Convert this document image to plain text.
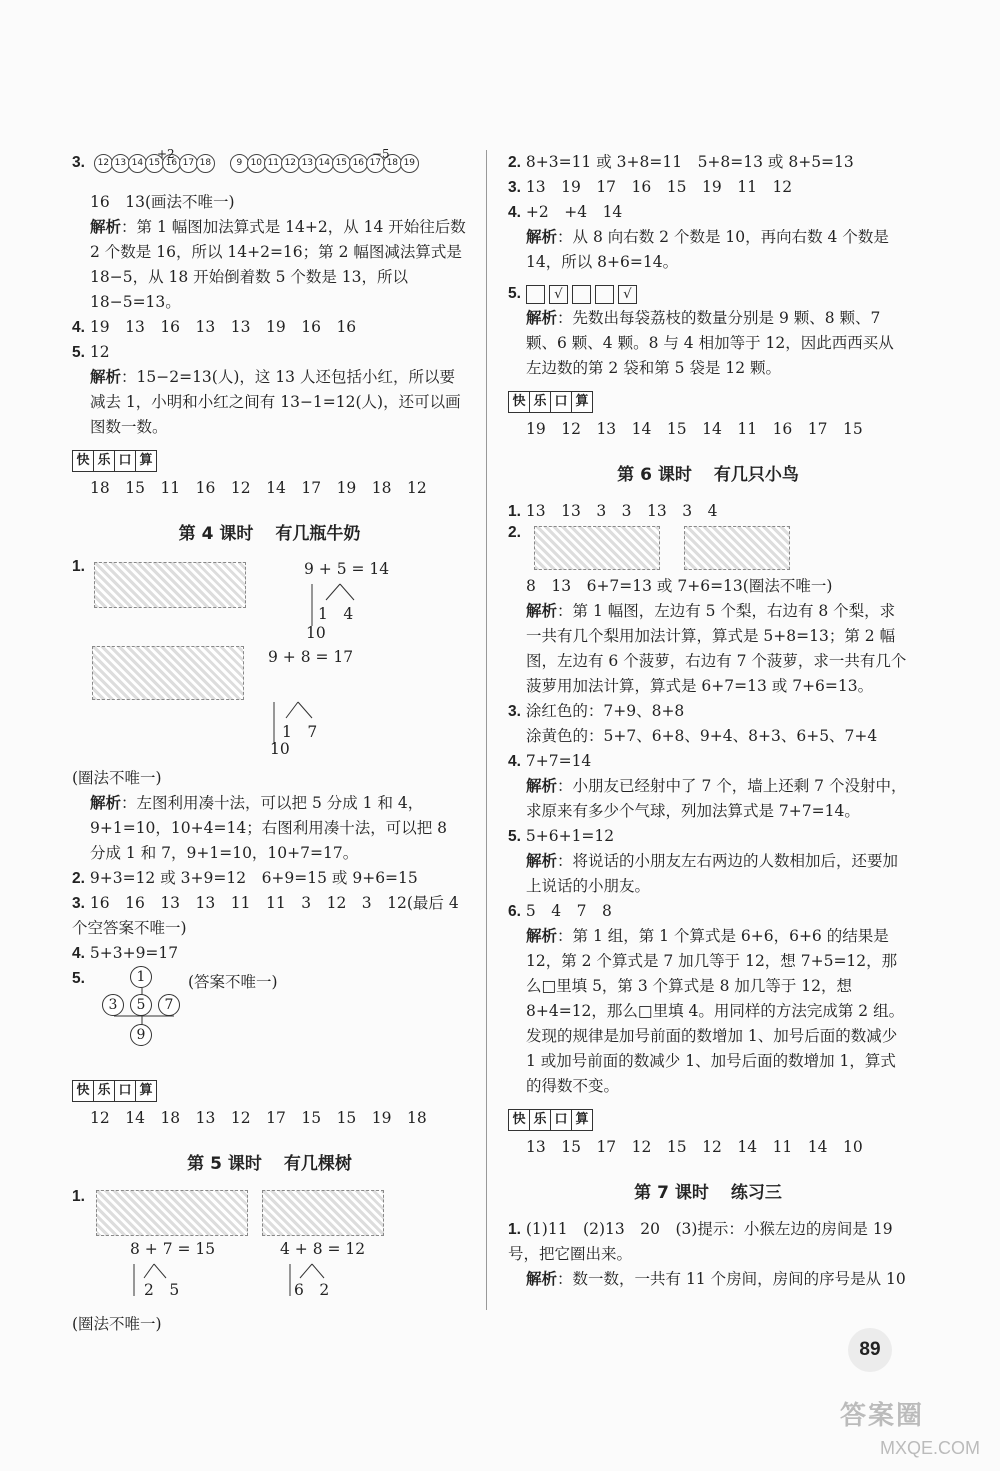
3.	+2	−5
12 13 14 15 16 17 18
	9 10 11 12 13 14 15 16 17 18 19
16　13(画法不唯一)
解析：第 1 幅图加法算式是 14+2，从 14 开始往后数 2 个数是 16，所以 14+2=16；第 2 幅图减法算式是 18−5，从 18 开始倒着数 5 个数是 13，所以 18−5=13。
4. 19　13　16　13　13　19　16　16
5. 12
解析：15−2=13(人)，这 13 人还包括小红，所以要减去 1，小明和小红之间有 13−1=12(人)，还可以画图数一数。
快 乐 口 算
18　15　11　16　12　14　17　19　18　12
第 4 课时 有几瓶牛奶
1.	9 + 5 = 14
1　4
10
9 + 8 = 17
1　7
10
(圈法不唯一)
解析：左图利用凑十法，可以把 5 分成 1 和 4，9+1=10，10+4=14；右图利用凑十法，可以把 8 分成 1 和 7，9+1=10，10+7=17。
2. 9+3=12 或 3+9=12　6+9=15 或 9+6=15
3. 16　16　13　13　11　11　3　12　3　12(最后 4 个空答案不唯一)
4. 5+3+9=17
5.	(答案不唯一)
1
3	5	7
9
快 乐 口 算
12　14　18　13　12　17　15　15　19　18
第 5 课时 有几棵树
1.
8 + 7 = 15
2　5
4 + 8 = 12
6　2
(圈法不唯一)
2. 8+3=11 或 3+8=11　5+8=13 或 8+5=13
3. 13　19　17　16　15　19　11　12
4. +2　+4　14
解析：从 8 向右数 2 个数是 10，再向右数 4 个数是14，所以 8+6=14。
5.	√	√
解析：先数出每袋荔枝的数量分别是 9 颗、8 颗、7 颗、6 颗、4 颗。8 与 4 相加等于 12，因此西西买从左边数的第 2 袋和第 5 袋是 12 颗。
快 乐 口 算
19　12　13　14　15　14　11　16　17　15
第 6 课时 有几只小鸟
1. 13　13　3　3　13　3　4
2.
8　13　6+7=13 或 7+6=13(圈法不唯一)
解析：第 1 幅图，左边有 5 个梨，右边有 8 个梨，求一共有几个梨用加法计算，算式是 5+8=13；第 2 幅图，左边有 6 个菠萝，右边有 7 个菠萝，求一共有几个菠萝用加法计算，算式是 6+7=13 或 7+6=13。
3. 涂红色的：7+9、8+8
涂黄色的：5+7、6+8、9+4、8+3、6+5、7+4
4. 7+7=14
解析：小朋友已经射中了 7 个，墙上还剩 7 个没射中，求原来有多少个气球，列加法算式是 7+7=14。
5. 5+6+1=12
解析：将说话的小朋友左右两边的人数相加后，还要加上说话的小朋友。
6. 5　4　7　8
解析：第 1 组，第 1 个算式是 6+6，6+6 的结果是 12，第 2 个算式是 7 加几等于 12，想 7+5=12，那么□里填 5，第 3 个算式是 8 加几等于 12，想 8+4=12，那么□里填 4。用同样的方法完成第 2 组。发现的规律是加号前面的数增加 1、加号后面的数减少 1 或加号前面的数减少 1、加号后面的数增加 1，算式的得数不变。
快 乐 口 算
13　15　17　12　15　12　14　11　14　10
第 7 课时 练习三
1. (1)11　(2)13　20　(3)提示：小猴左边的房间是 19 号，把它圈出来。
解析：数一数，一共有 11 个房间，房间的序号是从 10
89
答案圈
MXQE.COM
